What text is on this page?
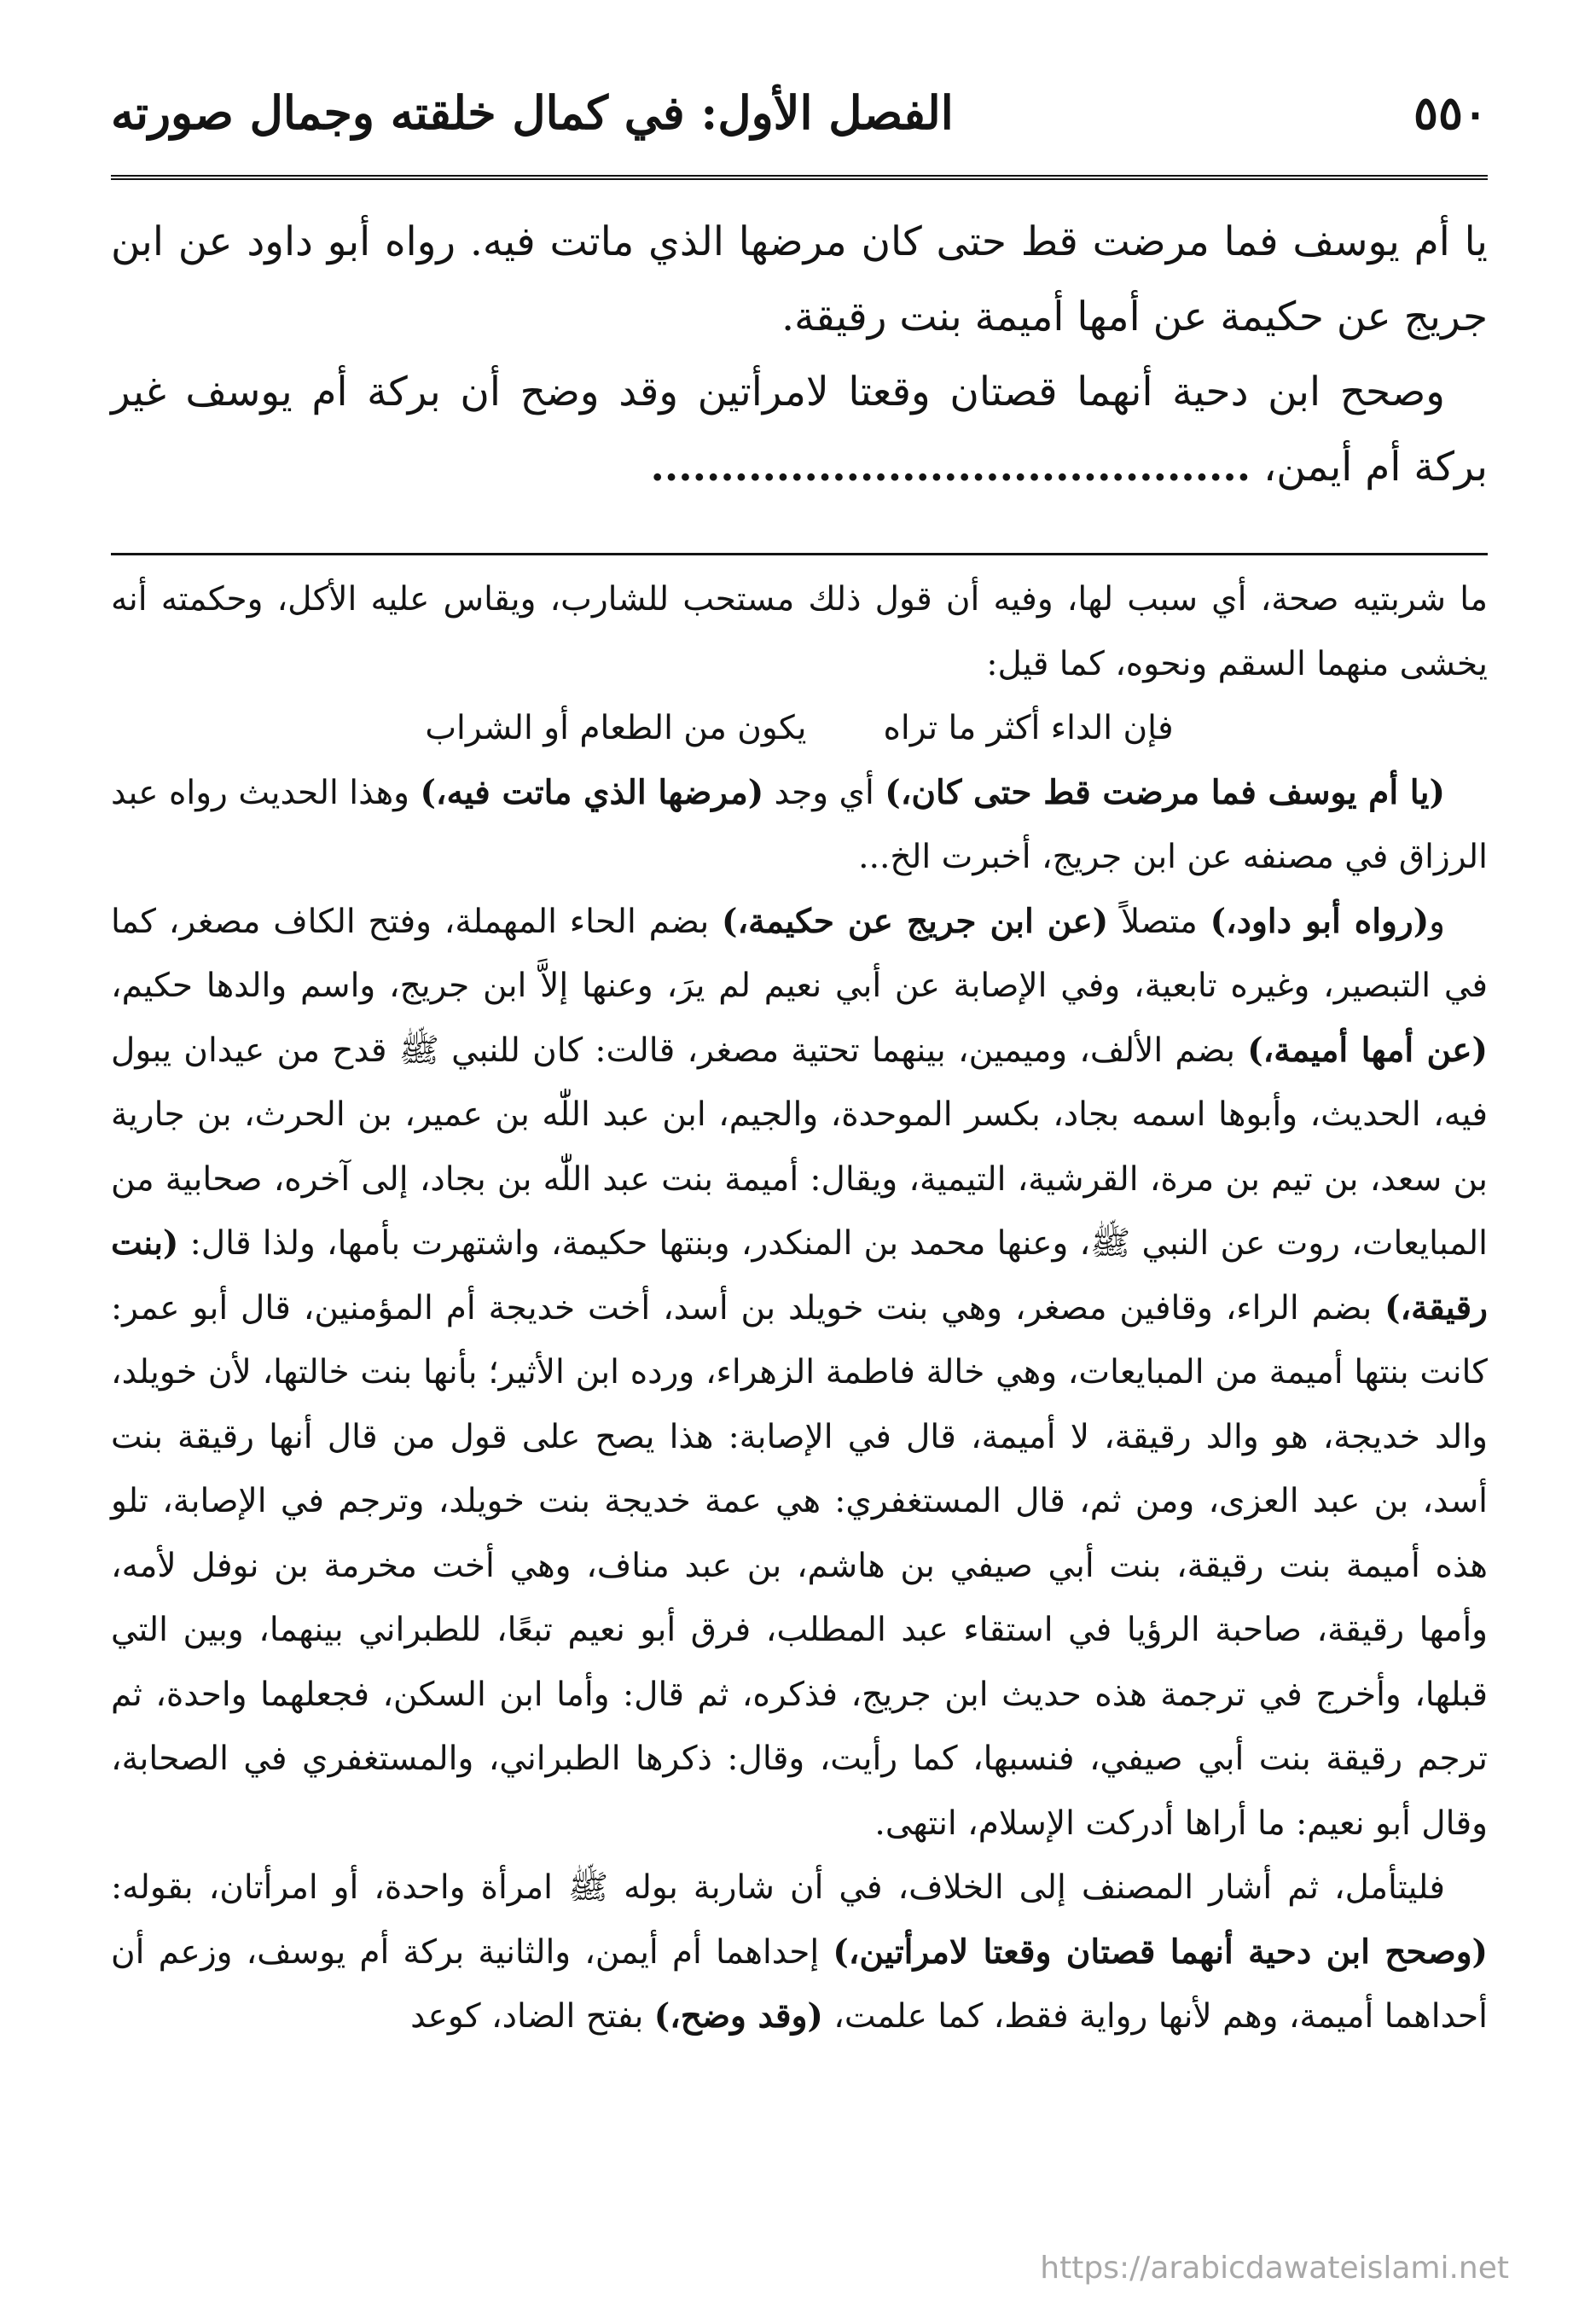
٥٥٠
الفصل الأول: في كمال خلقته وجمال صورته

يا أم يوسف فما مرضت قط حتى كان مرضها الذي ماتت فيه. رواه أبو داود عن ابن جريج عن حكيمة عن أمها أميمة بنت رقيقة.

وصحح ابن دحية أنهما قصتان وقعتا لامرأتين وقد وضح أن بركة أم يوسف غير بركة أم أيمن، ...........................................

ما شربتيه صحة، أي سبب لها، وفيه أن قول ذلك مستحب للشارب، ويقاس عليه الأكل، وحكمته أنه يخشى منهما السقم ونحوه، كما قيل:

فإن الداء أكثر ما تراه
يكون من الطعام أو الشراب

(يا أم يوسف فما مرضت قط حتى كان،) أي وجد (مرضها الذي ماتت فيه،) وهذا الحديث رواه عبد الرزاق في مصنفه عن ابن جريج، أخبرت الخ...

و(رواه أبو داود،) متصلاً (عن ابن جريج عن حكيمة،) بضم الحاء المهملة، وفتح الكاف مصغر، كما في التبصير، وغيره تابعية، وفي الإصابة عن أبي نعيم لم يرَ، وعنها إلاَّ ابن جريج، واسم والدها حكيم، (عن أمها أميمة،) بضم الألف، وميمين، بينهما تحتية مصغر، قالت: كان للنبي ﷺ قدح من عيدان يبول فيه، الحديث، وأبوها اسمه بجاد، بكسر الموحدة، والجيم، ابن عبد اللّٰه بن عمير، بن الحرث، بن جارية بن سعد، بن تيم بن مرة، القرشية، التيمية، ويقال: أميمة بنت عبد اللّٰه بن بجاد، إلى آخره، صحابية من المبايعات، روت عن النبي ﷺ، وعنها محمد بن المنكدر، وبنتها حكيمة، واشتهرت بأمها، ولذا قال: (بنت رقيقة،) بضم الراء، وقافين مصغر، وهي بنت خويلد بن أسد، أخت خديجة أم المؤمنين، قال أبو عمر: كانت بنتها أميمة من المبايعات، وهي خالة فاطمة الزهراء، ورده ابن الأثير؛ بأنها بنت خالتها، لأن خويلد، والد خديجة، هو والد رقيقة، لا أميمة، قال في الإصابة: هذا يصح على قول من قال أنها رقيقة بنت أسد، بن عبد العزى، ومن ثم، قال المستغفري: هي عمة خديجة بنت خويلد، وترجم في الإصابة، تلو هذه أميمة بنت رقيقة، بنت أبي صيفي بن هاشم، بن عبد مناف، وهي أخت مخرمة بن نوفل لأمه، وأمها رقيقة، صاحبة الرؤيا في استقاء عبد المطلب، فرق أبو نعيم تبعًا، للطبراني بينهما، وبين التي قبلها، وأخرج في ترجمة هذه حديث ابن جريج، فذكره، ثم قال: وأما ابن السكن، فجعلهما واحدة، ثم ترجم رقيقة بنت أبي صيفي، فنسبها، كما رأيت، وقال: ذكرها الطبراني، والمستغفري في الصحابة، وقال أبو نعيم: ما أراها أدركت الإسلام، انتهى.

فليتأمل، ثم أشار المصنف إلى الخلاف، في أن شاربة بوله ﷺ امرأة واحدة، أو امرأتان، بقوله: (وصحح ابن دحية أنهما قصتان وقعتا لامرأتين،) إحداهما أم أيمن، والثانية بركة أم يوسف، وزعم أن أحداهما أميمة، وهم لأنها رواية فقط، كما علمت، (وقد وضح،) بفتح الضاد، كوعد

https://arabicdawateislami.net
